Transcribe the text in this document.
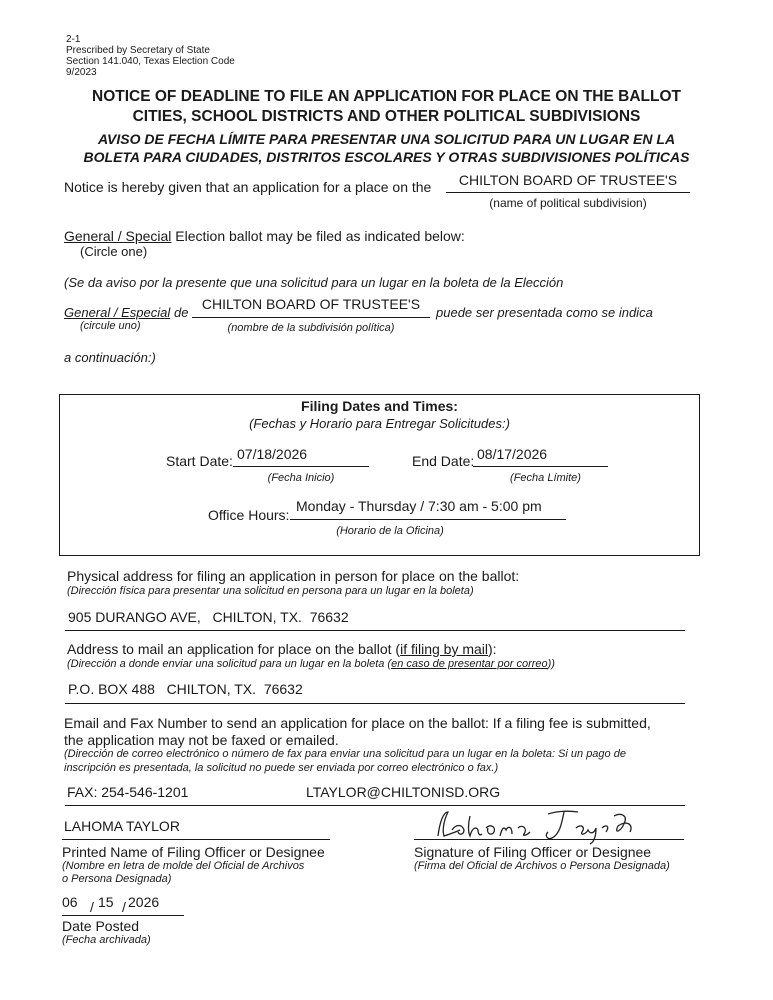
2-1
Prescribed by Secretary of State
Section 141.040, Texas Election Code
9/2023
NOTICE OF DEADLINE TO FILE AN APPLICATION FOR PLACE ON THE BALLOT
CITIES, SCHOOL DISTRICTS AND OTHER POLITICAL SUBDIVISIONS
AVISO DE FECHA LÍMITE PARA PRESENTAR UNA SOLICITUD PARA UN LUGAR EN LA
BOLETA PARA CIUDADES, DISTRITOS ESCOLARES Y OTRAS SUBDIVISIONES POLÍTICAS
Notice is hereby given that an application for a place on the	CHILTON BOARD OF TRUSTEE'S
(name of political subdivision)
General / Special Election ballot may be filed as indicated below:
(Circle one)
(Se da aviso por la presente que una solicitud para un lugar en la boleta de la Elección
General / Especial de
CHILTON BOARD OF TRUSTEE'S
puede ser presentada como se indica
(circule uno)	(nombre de la subdivisión política)
a continuación:)
Filing Dates and Times:
(Fechas y Horario para Entregar Solicitudes:)
Start Date: 07/18/2026
(Fecha Inicio)
End Date: 08/17/2026
(Fecha Límite)
Office Hours:
Monday - Thursday / 7:30 am - 5:00 pm
(Horario de la Oficina)
Physical address for filing an application in person for place on the ballot:
(Dirección física para presentar una solicitud en persona para un lugar en la boleta)
905 DURANGO AVE,   CHILTON, TX.  76632
Address to mail an application for place on the ballot (if filing by mail):
(Dirección a donde enviar una solicitud para un lugar en la boleta (en caso de presentar por correo))
P.O. BOX 488   CHILTON, TX.  76632
Email and Fax Number to send an application for place on the ballot: If a filing fee is submitted,
the application may not be faxed or emailed.
(Dirección de correo electrónico o número de fax para enviar una solicitud para un lugar en la boleta: Si un pago de
inscripción es presentada, la solicitud no puede ser enviada por correo electrónico o fax.)
FAX: 254-546-1201	LTAYLOR@CHILTONISD.ORG
LAHOMA TAYLOR
Printed Name of Filing Officer or Designee
(Nombre en letra de molde del Oficial de Archivos
o Persona Designada)
Signature of Filing Officer or Designee
(Firma del Oficial de Archivos o Persona Designada)
06 / 15 / 2026
Date Posted
(Fecha archivada)
